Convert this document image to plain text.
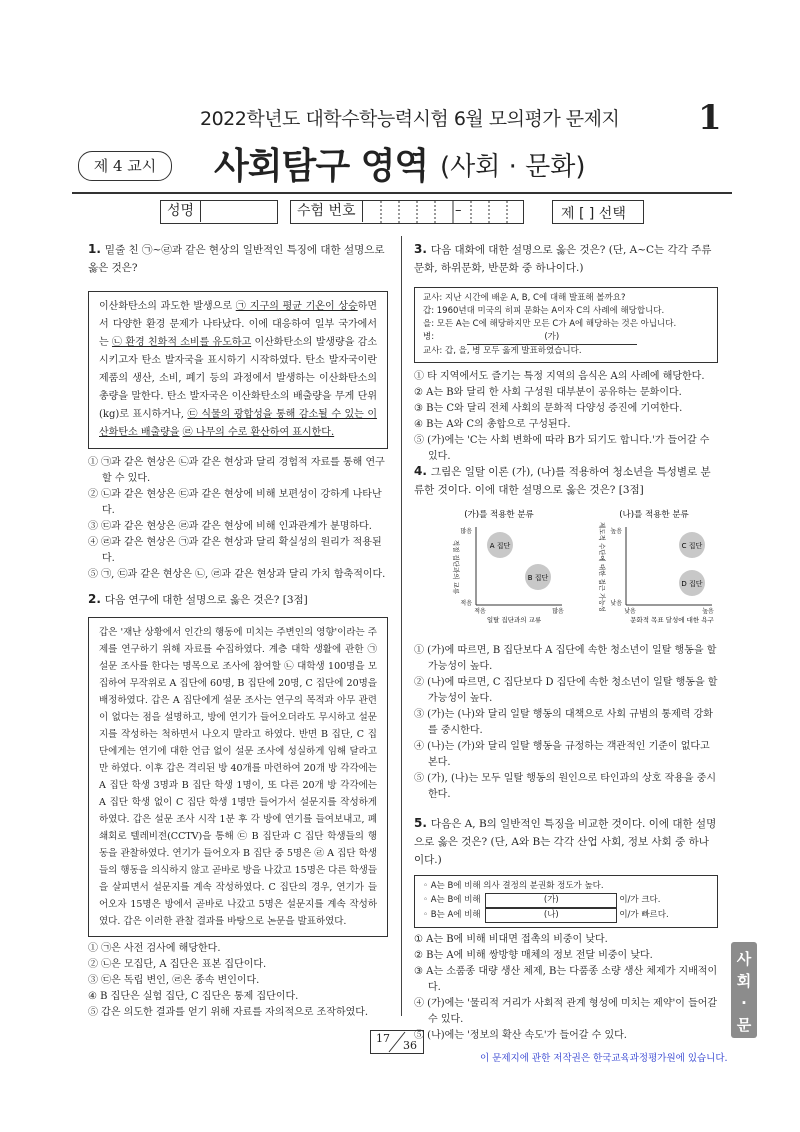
2022학년도 대학수학능력시험 6월 모의평가 문제지 1
제 4 교시	사회탐구 영역 (사회 · 문화)
성명	수험 번호	–	제 [ ] 선택
1. 밑줄 친 ㉠~㉣과 같은 현상의 일반적인 특징에 대한 설명으로 옳은 것은?
이산화탄소의 과도한 발생으로 ㉠ 지구의 평균 기온이 상승하면서 다양한 환경 문제가 나타났다. 이에 대응하여 일부 국가에서는 ㉡ 환경 친화적 소비를 유도하고 이산화탄소의 발생량을 감소시키고자 탄소 발자국을 표시하기 시작하였다. 탄소 발자국이란 제품의 생산, 소비, 폐기 등의 과정에서 발생하는 이산화탄소의 총량을 말한다. 탄소 발자국은 이산화탄소의 배출량을 무게 단위(kg)로 표시하거나, ㉢ 식물의 광합성을 통해 감소될 수 있는 이산화탄소 배출량을 ㉣ 나무의 수로 환산하여 표시한다.
① ㉠과 같은 현상은 ㉡과 같은 현상과 달리 경험적 자료를 통해 연구할 수 있다.
② ㉡과 같은 현상은 ㉢과 같은 현상에 비해 보편성이 강하게 나타난다.
③ ㉢과 같은 현상은 ㉣과 같은 현상에 비해 인과관계가 분명하다.
④ ㉣과 같은 현상은 ㉠과 같은 현상과 달리 확실성의 원리가 적용된다.
⑤ ㉠, ㉢과 같은 현상은 ㉡, ㉣과 같은 현상과 달리 가치 함축적이다.
2. 다음 연구에 대한 설명으로 옳은 것은? [3점]
갑은 '재난 상황에서 인간의 행동에 미치는 주변인의 영향'이라는 주제를 연구하기 위해 자료를 수집하였다. 계층 대학 생활에 관한 ㉠ 설문 조사를 한다는 명목으로 조사에 참여할 ㉡ 대학생 100명을 모집하여 무작위로 A 집단에 60명, B 집단에 20명, C 집단에 20명을 배정하였다. 갑은 A 집단에게 설문 조사는 연구의 목적과 아무 관련이 없다는 점을 설명하고, 방에 연기가 들어오더라도 무시하고 설문지를 작성하는 척하면서 나오지 말라고 하였다. 반면 B 집단, C 집단에게는 연기에 대한 언급 없이 설문 조사에 성실하게 임해 달라고만 하였다. 이후 갑은 격리된 방 40개를 마련하여 20개 방 각각에는 A 집단 학생 3명과 B 집단 학생 1명이, 또 다른 20개 방 각각에는 A 집단 학생 없이 C 집단 학생 1명만 들어가서 설문지를 작성하게 하였다. 갑은 설문 조사 시작 1분 후 각 방에 연기를 들여보내고, 폐쇄회로 텔레비전(CCTV)을 통해 ㉢ B 집단과 C 집단 학생들의 행동을 관찰하였다. 연기가 들어오자 B 집단 중 5명은 ㉣ A 집단 학생들의 행동을 의식하지 않고 곧바로 방을 나갔고 15명은 다른 학생들을 살피면서 설문지를 계속 작성하였다. C 집단의 경우, 연기가 들어오자 15명은 방에서 곧바로 나갔고 5명은 설문지를 계속 작성하였다. 갑은 이러한 관찰 결과를 바탕으로 논문을 발표하였다.
① ㉠은 사전 검사에 해당한다.
② ㉡은 모집단, A 집단은 표본 집단이다.
③ ㉢은 독립 변인, ㉣은 종속 변인이다.
④ B 집단은 실험 집단, C 집단은 통제 집단이다.
⑤ 갑은 의도한 결과를 얻기 위해 자료를 자의적으로 조작하였다.
3. 다음 대화에 대한 설명으로 옳은 것은? (단, A~C는 각각 주류 문화, 하위문화, 반문화 중 하나이다.)
교사: 지난 시간에 배운 A, B, C에 대해 발표해 볼까요?
갑: 1960년대 미국의 히피 문화는 A이자 C의 사례에 해당합니다.
을: 모든 A는 C에 해당하지만 모든 C가 A에 해당하는 것은 아닙니다.
병:	(가)
교사: 갑, 을, 병 모두 옳게 발표하였습니다.
① 타 지역에서도 즐기는 특정 지역의 음식은 A의 사례에 해당한다.
② A는 B와 달리 한 사회 구성원 대부분이 공유하는 문화이다.
③ B는 C와 달리 전체 사회의 문화적 다양성 증진에 기여한다.
④ B는 A와 C의 총합으로 구성된다.
⑤ (가)에는 'C는 사회 변화에 따라 B가 되기도 합니다.'가 들어갈 수 있다.
4. 그림은 일탈 이론 (가), (나)를 적용하여 청소년을 특성별로 분류한 것이다. 이에 대한 설명으로 옳은 것은? [3점]
(가)를 적용한 분류
많음
적음
적음	많음
일탈 집단과의 교류
적절 집단과의 교류	A 집단
B 집단
(나)를 적용한 분류
높음
낮음
낮음	높음
문화적 목표 달성에 대한 욕구
제도적 수단에 대한 접근 가능성	C 집단
D 집단
① (가)에 따르면, B 집단보다 A 집단에 속한 청소년이 일탈 행동을 할 가능성이 높다.
② (나)에 따르면, C 집단보다 D 집단에 속한 청소년이 일탈 행동을 할 가능성이 높다.
③ (가)는 (나)와 달리 일탈 행동의 대책으로 사회 규범의 통제력 강화를 중시한다.
④ (나)는 (가)와 달리 일탈 행동을 규정하는 객관적인 기준이 없다고 본다.
⑤ (가), (나)는 모두 일탈 행동의 원인으로 타인과의 상호 작용을 중시한다.
5. 다음은 A, B의 일반적인 특징을 비교한 것이다. 이에 대한 설명으로 옳은 것은? (단, A와 B는 각각 산업 사회, 정보 사회 중 하나이다.)
◦ A는 B에 비해 의사 결정의 분권화 정도가 높다.
◦ A는 B에 비해	(가)	이/가 크다.
◦ B는 A에 비해	(나)	이/가 빠르다.
① A는 B에 비해 비대면 접촉의 비중이 낮다.
② B는 A에 비해 쌍방향 매체의 정보 전달 비중이 낮다.
③ A는 소품종 대량 생산 체제, B는 다품종 소량 생산 체제가 지배적이다.
④ (가)에는 '물리적 거리가 사회적 관계 형성에 미치는 제약'이 들어갈 수 있다.
⑤ (나)에는 '정보의 확산 속도'가 들어갈 수 있다.
사회·문화
17
36
이 문제지에 관한 저작권은 한국교육과정평가원에 있습니다.
